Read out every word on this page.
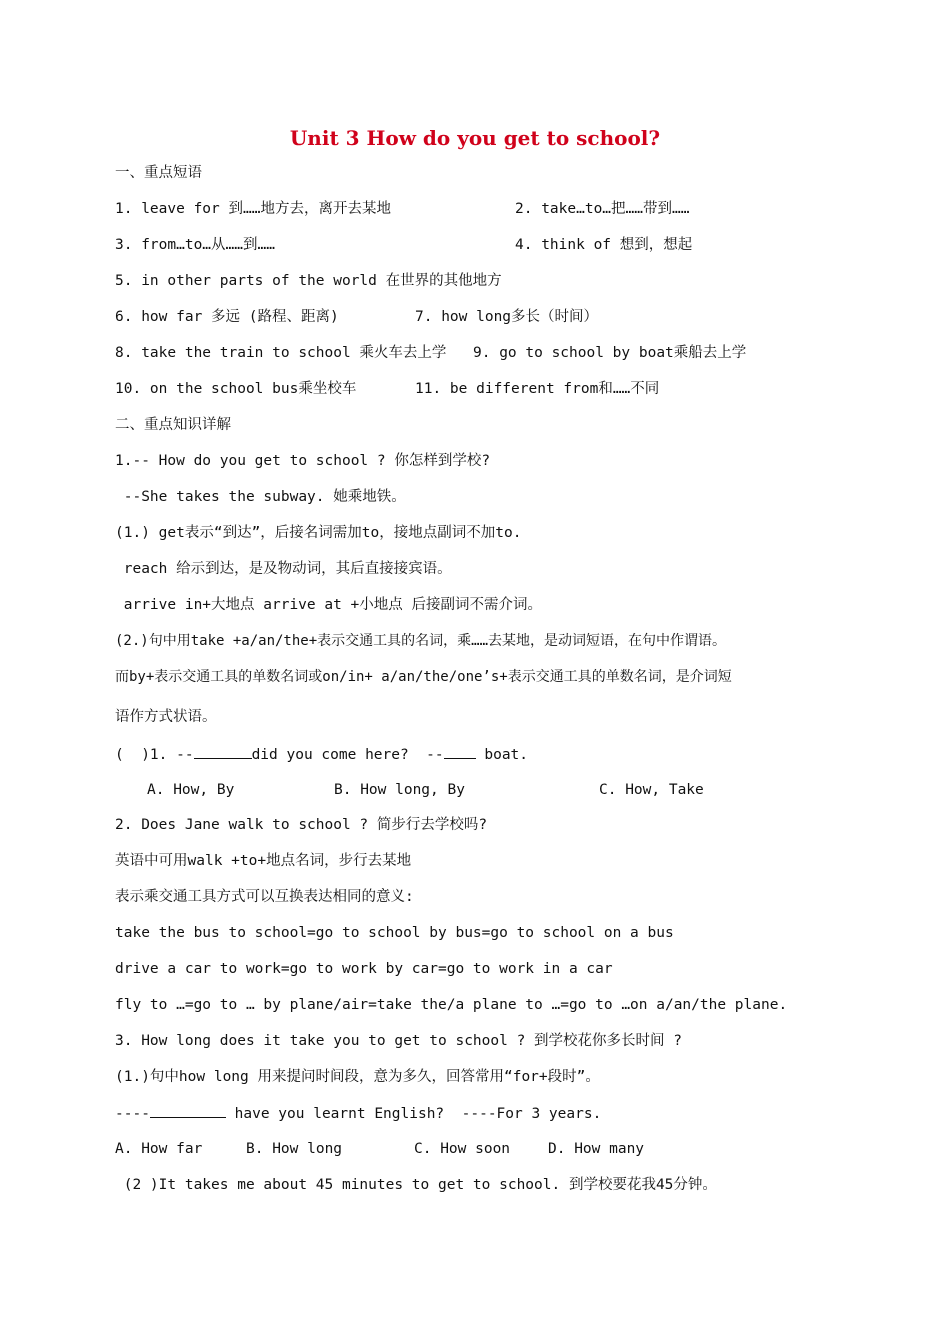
Unit 3 How do you get to school?
一、重点短语
1. leave for 到……地方去，离开去某地	2. take…to…把……带到……
3. from…to…从……到……	4. think of 想到，想起
5. in other parts of the world 在世界的其他地方
6. how far 多远 (路程、距离)	7. how long多长（时间）
8. take the train to school 乘火车去上学 9. go to school by boat乘船去上学
10. on the school bus乘坐校车	11. be different from和……不同
二、重点知识详解
1.-- How do you get to school ? 你怎样到学校?
--She takes the subway. 她乘地铁。
(1.) get表示“到达”，后接名词需加to，接地点副词不加to.
reach 给示到达，是及物动词，其后直接接宾语。
arrive in+大地点 arrive at +小地点 后接副词不需介词。
(2.)句中用take +a/an/the+表示交通工具的名词，乘……去某地，是动词短语，在句中作谓语。
而by+表示交通工具的单数名词或on/in+ a/an/the/one’s+表示交通工具的单数名词，是介词短
语作方式状语。
(  )1. --	did you come here?  -- boat.
A. How, By	B. How long, By	C. How, Take
2. Does Jane walk to school ? 简步行去学校吗?
英语中可用walk +to+地点名词，步行去某地
表示乘交通工具方式可以互换表达相同的意义:
take the bus to school=go to school by bus=go to school on a bus
drive a car to work=go to work by car=go to work in a car
fly to …=go to … by plane/air=take the/a plane to …=go to …on a/an/the plane.
3. How long does it take you to get to school ? 到学校花你多长时间 ?
(1.)句中how long 用来提问时间段，意为多久，回答常用“for+段时”。
----	have you learnt English?  ----For 3 years.
A. How far	B. How long	C. How soon	D. How many
(2 )It takes me about 45 minutes to get to school. 到学校要花我45分钟。
